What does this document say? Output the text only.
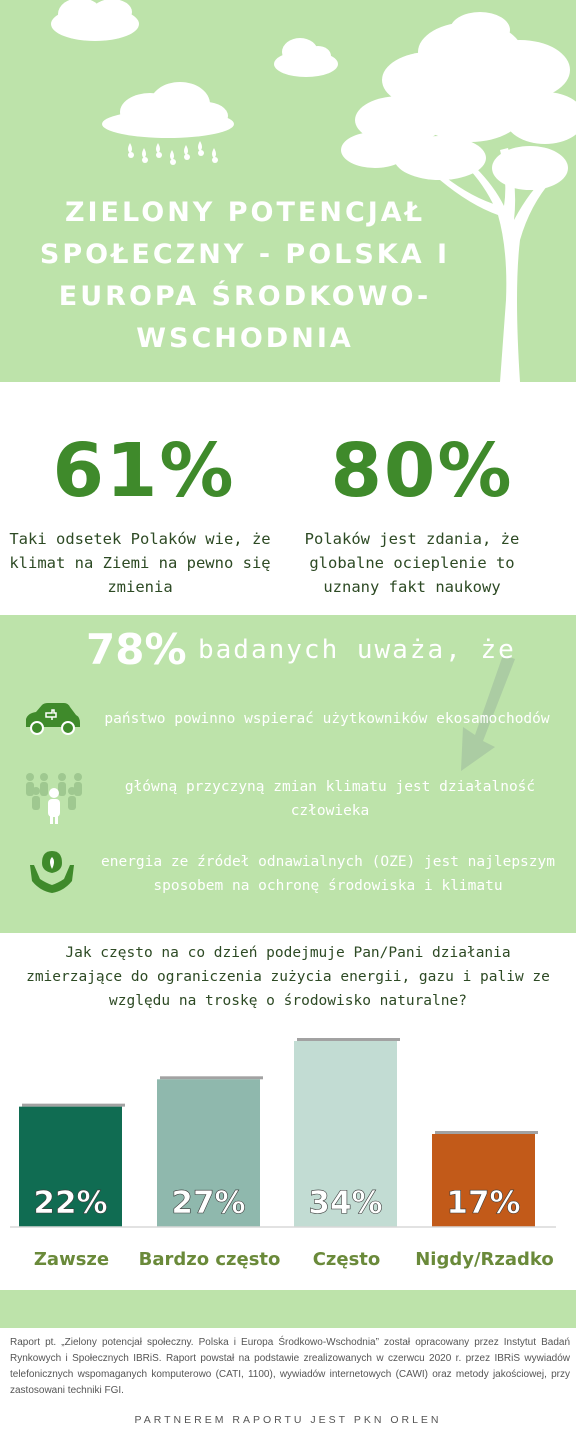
ZIELONY POTENCJAŁ
SPOŁECZNY - POLSKA I
EUROPA ŚRODKOWO-
WSCHODNIA
61%
Taki odsetek Polaków wie, że klimat na Ziemi na pewno się zmienia
80%
Polaków jest zdania, że globalne ocieplenie to uznany fakt naukowy
78% badanych uważa, że
państwo powinno wspierać użytkowników ekosamochodów
główną przyczyną zmian klimatu jest działalność człowieka
energia ze źródeł odnawialnych (OZE) jest najlepszym sposobem na ochronę środowiska i klimatu
Jak często na co dzień podejmuje Pan/Pani działania zmierzające do ograniczenia zużycia energii, gazu i paliw ze względu na troskę o środowisko naturalne?
22%
Zawsze
27%
Bardzo często
34%
Często
17%
Nigdy/Rzadko
Raport pt. „Zielony potencjał społeczny. Polska i Europa Środkowo-Wschodnia” został opracowany przez Instytut Badań Rynkowych i Społecznych IBRiS. Raport powstał na podstawie zrealizowanych w czerwcu 2020 r. przez IBRiS wywiadów telefonicznych wspomaganych komputerowo (CATI, 1100), wywiadów internetowych (CAWI) oraz metody jakościowej, przy zastosowani techniki FGI.
PARTNEREM RAPORTU JEST PKN ORLEN
